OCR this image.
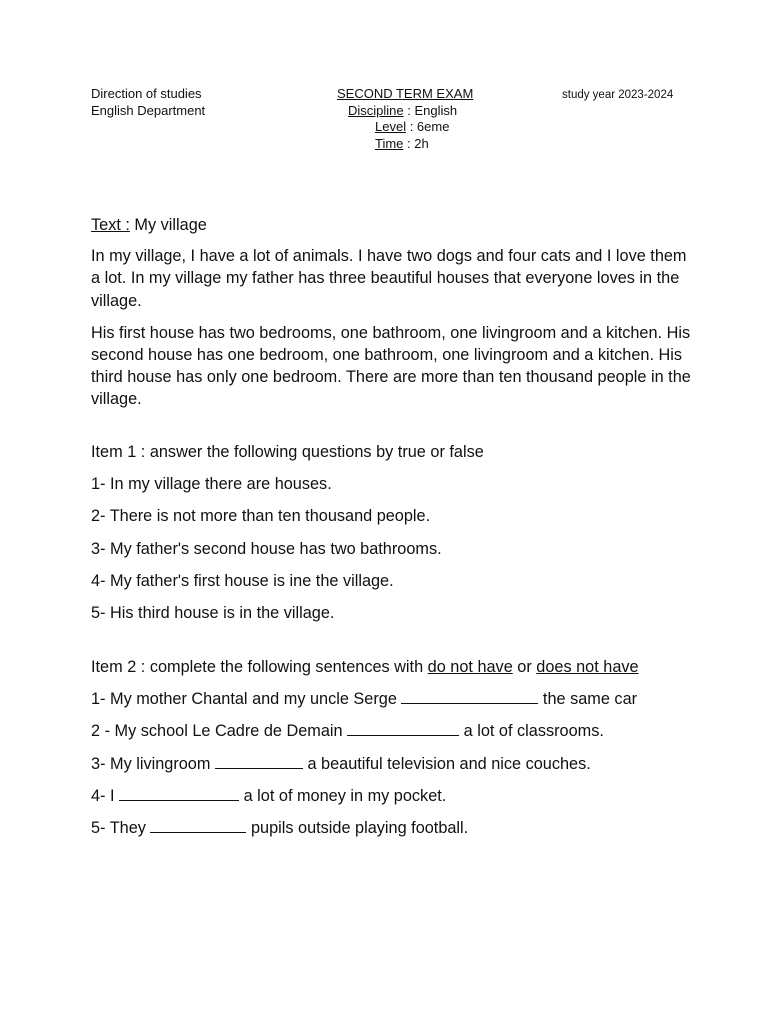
Direction of studies
English Department
SECOND TERM EXAM
Discipline : English
Level : 6eme
Time : 2h
study year 2023-2024

Text : My village

In my village, I have a lot of animals. I have two dogs and four cats and I love them a lot. In my village my father has three beautiful houses that everyone loves in the village.

His first house has two bedrooms, one bathroom, one livingroom and a kitchen. His second house has one bedroom, one bathroom, one livingroom and a kitchen. His third house has only one bedroom. There are more than ten thousand people in the village.

Item 1 : answer the following questions by true or false

1- In my village there are houses.

2- There is not more than ten thousand people.

3- My father's second house has two bathrooms.

4- My father's first house is ine the village.

5- His third house is in the village.

Item 2 : complete the following sentences with do not have or does not have

1- My mother Chantal and my uncle Serge	the same car

2 - My school Le Cadre de Demain	a lot of classrooms.

3- My livingroom	a beautiful television and nice couches.

4- I	a lot of money in my pocket.

5- They	pupils outside playing football.
